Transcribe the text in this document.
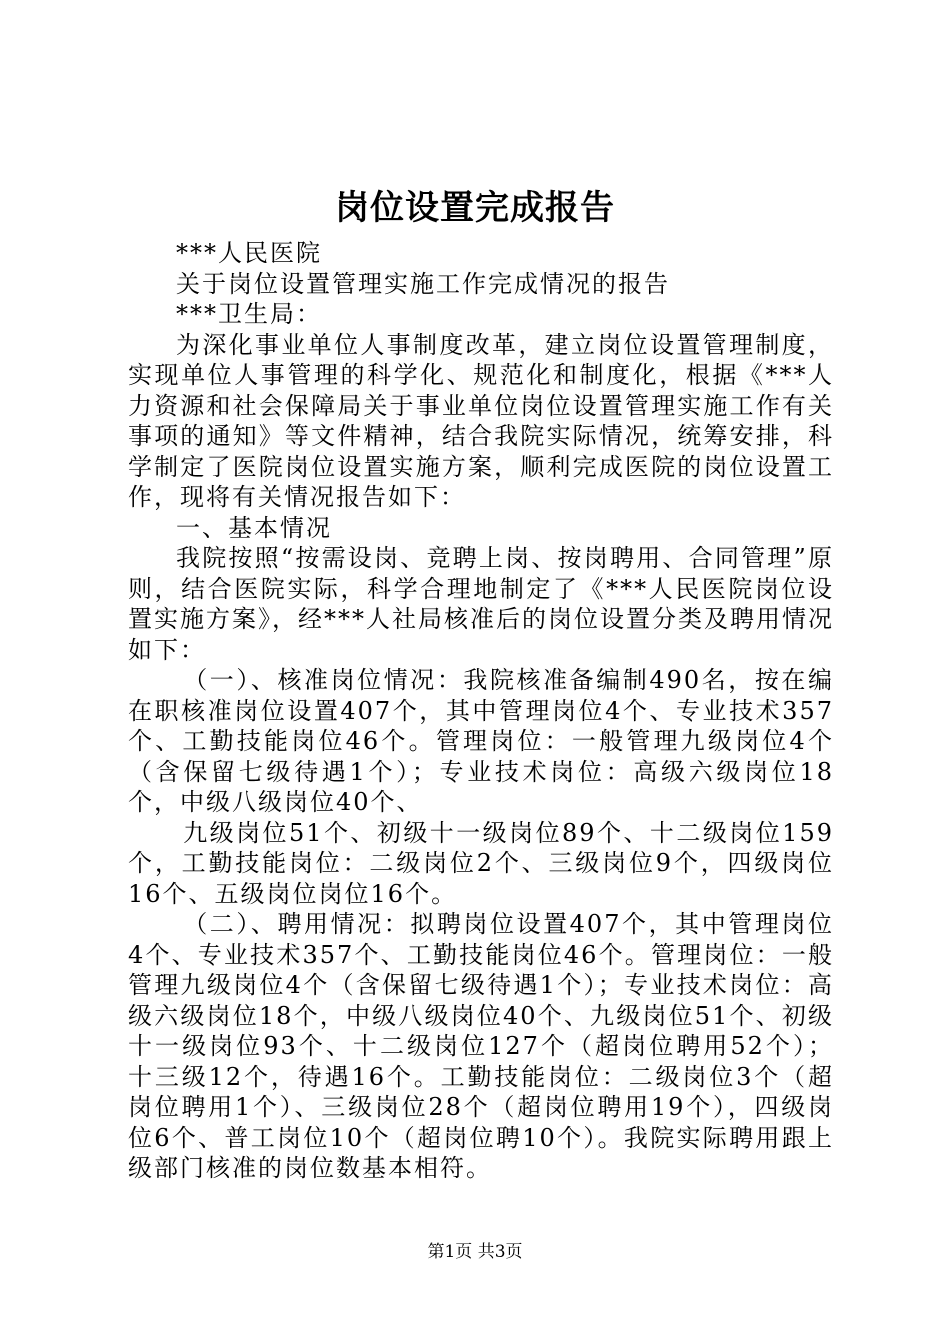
岗位设置完成报告

***人民医院

关于岗位设置管理实施工作完成情况的报告

***卫生局：

为深化事业单位人事制度改革，建立岗位设置管理制度，实现单位人事管理的科学化、规范化和制度化，根据《***人力资源和社会保障局关于事业单位岗位设置管理实施工作有关事项的通知》等文件精神，结合我院实际情况，统筹安排，科学制定了医院岗位设置实施方案，顺利完成医院的岗位设置工作，现将有关情况报告如下：

一、基本情况

我院按照“按需设岗、竞聘上岗、按岗聘用、合同管理”原则，结合医院实际，科学合理地制定了《***人民医院岗位设置实施方案》，经***人社局核准后的岗位设置分类及聘用情况如下：

（一）、核准岗位情况：我院核准备编制490名，按在编在职核准岗位设置407个，其中管理岗位4个、专业技术357个、工勤技能岗位46个。管理岗位：一般管理九级岗位4个（含保留七级待遇1个）；专业技术岗位：高级六级岗位18个，中级八级岗位40个、

九级岗位51个、初级十一级岗位89个、十二级岗位159个，工勤技能岗位：二级岗位2个、三级岗位9个，四级岗位16个、五级岗位岗位16个。

（二）、聘用情况：拟聘岗位设置407个，其中管理岗位4个、专业技术357个、工勤技能岗位46个。管理岗位：一般管理九级岗位4个（含保留七级待遇1个）；专业技术岗位：高级六级岗位18个，中级八级岗位40个、九级岗位51个、初级十一级岗位93个、十二级岗位127个（超岗位聘用52个）；十三级12个，待遇16个。工勤技能岗位：二级岗位3个（超岗位聘用1个）、三级岗位28个（超岗位聘用19个），四级岗位6个、普工岗位10个（超岗位聘10个）。我院实际聘用跟上级部门核准的岗位数基本相符。

第1页 共3页
